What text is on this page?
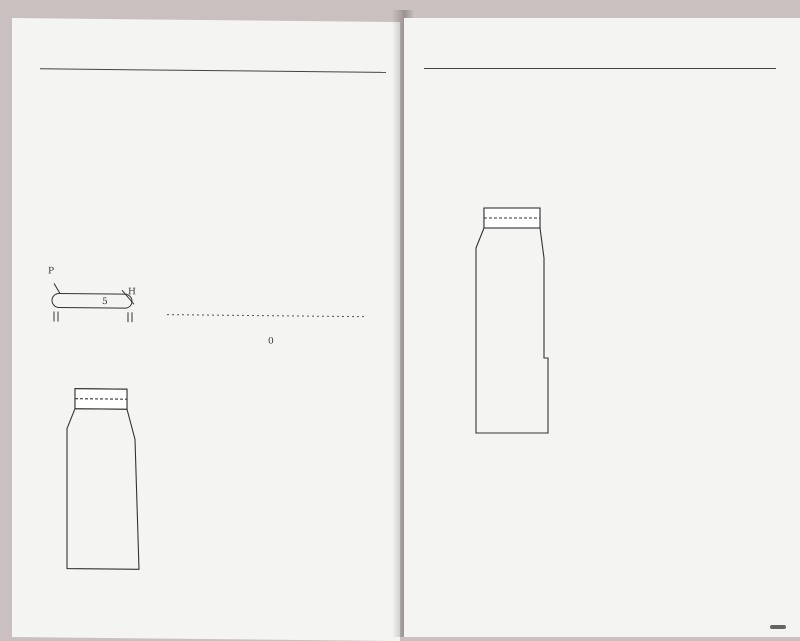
P
Н
5
0
